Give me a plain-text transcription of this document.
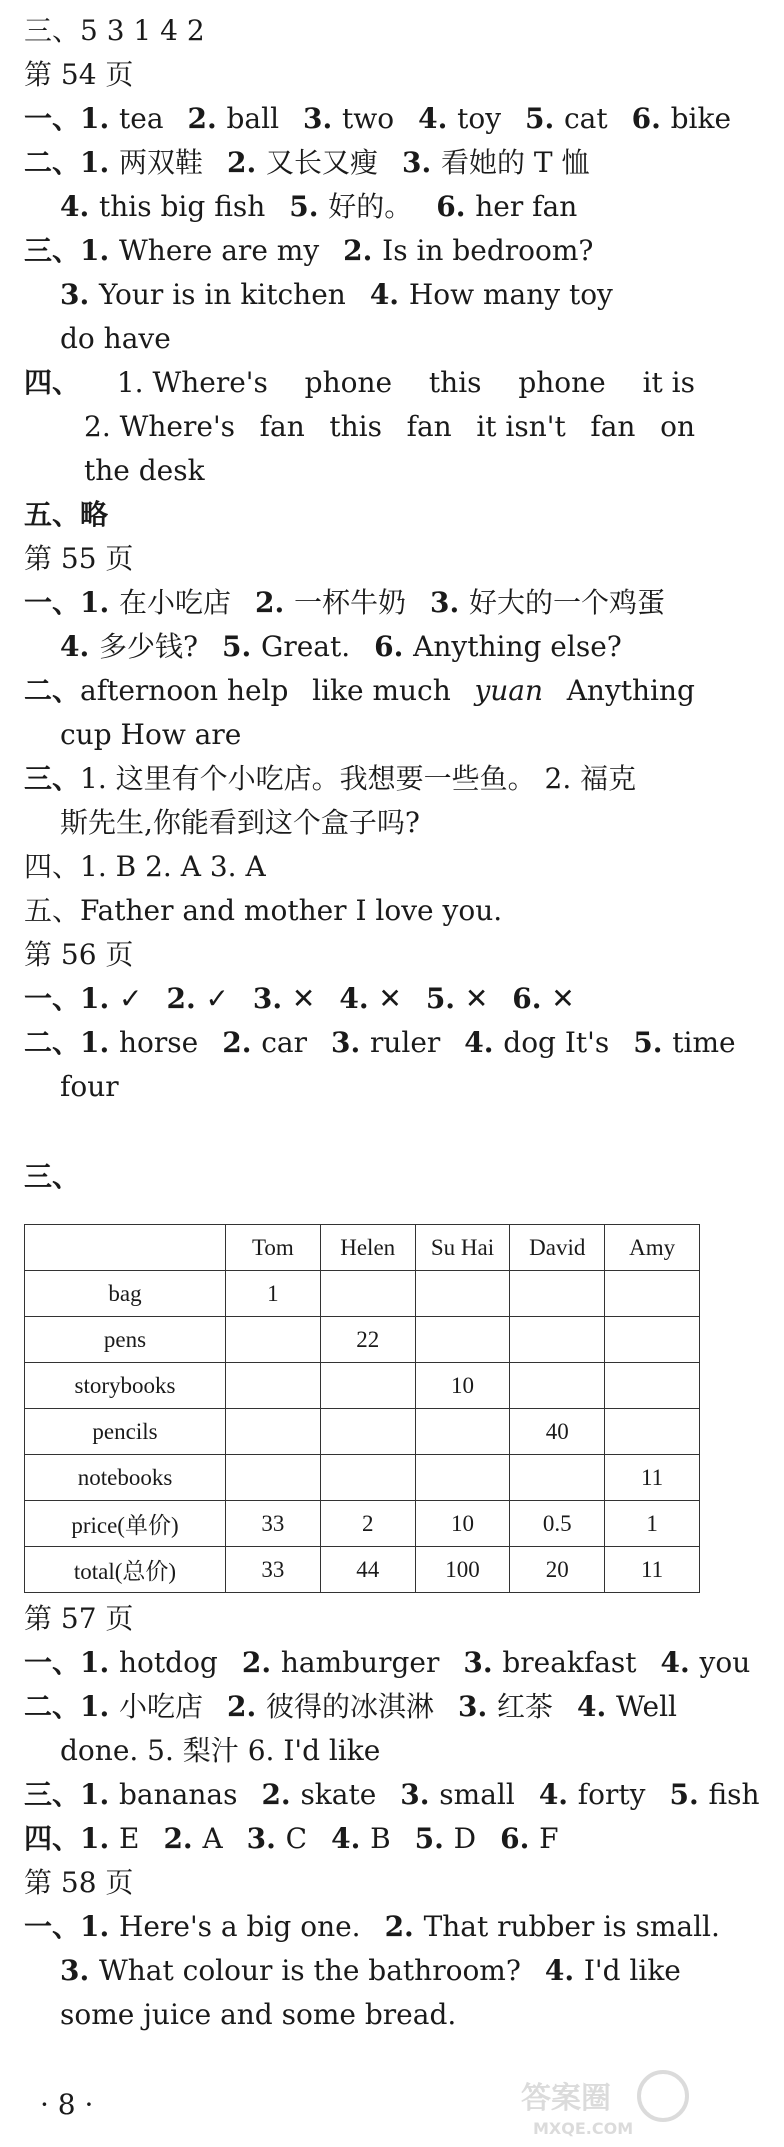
三、5 3 1 4 2
第 54 页
一、1. tea 2. ball 3. two 4. toy 5. cat 6. bike
二、1. 两双鞋 2. 又长又瘦 3. 看她的 T 恤
4. this big fish 5. 好的。 6. her fan
三、1. Where are my 2. Is in bedroom?
3. Your is in kitchen 4. How many toy
do have
四、 1. Where's phone this phone it is
2. Where's fan this fan it isn't fan on
the desk
五、略
第 55 页
一、1. 在小吃店 2. 一杯牛奶 3. 好大的一个鸡蛋
4. 多少钱? 5. Great. 6. Anything else?
二、afternoon help like much yuan Anything
cup How are
三、1. 这里有个小吃店。我想要一些鱼。 2. 福克
斯先生,你能看到这个盒子吗?
四、1. B 2. A 3. A
五、Father and mother I love you.
第 56 页
一、1. ✓ 2. ✓ 3. ✕ 4. ✕ 5. ✕ 6. ✕
二、1. horse 2. car 3. ruler 4. dog It's 5. time
four
三、
	Tom	Helen	Su Hai	David	Amy
bag	1				
pens		22			
storybooks			10		
pencils				40	
notebooks					11
price(单价)	33	2	10	0.5	1
total(总价)	33	44	100	20	11
第 57 页
一、1. hotdog 2. hamburger 3. breakfast 4. you
二、1. 小吃店 2. 彼得的冰淇淋 3. 红茶 4. Well
done. 5. 梨汁 6. I'd like
三、1. bananas 2. skate 3. small 4. forty 5. fish
四、1. E 2. A 3. C 4. B 5. D 6. F
第 58 页
一、1. Here's a big one. 2. That rubber is small.
3. What colour is the bathroom? 4. I'd like
some juice and some bread.
· 8 ·	答案圈
MXQE.COM
